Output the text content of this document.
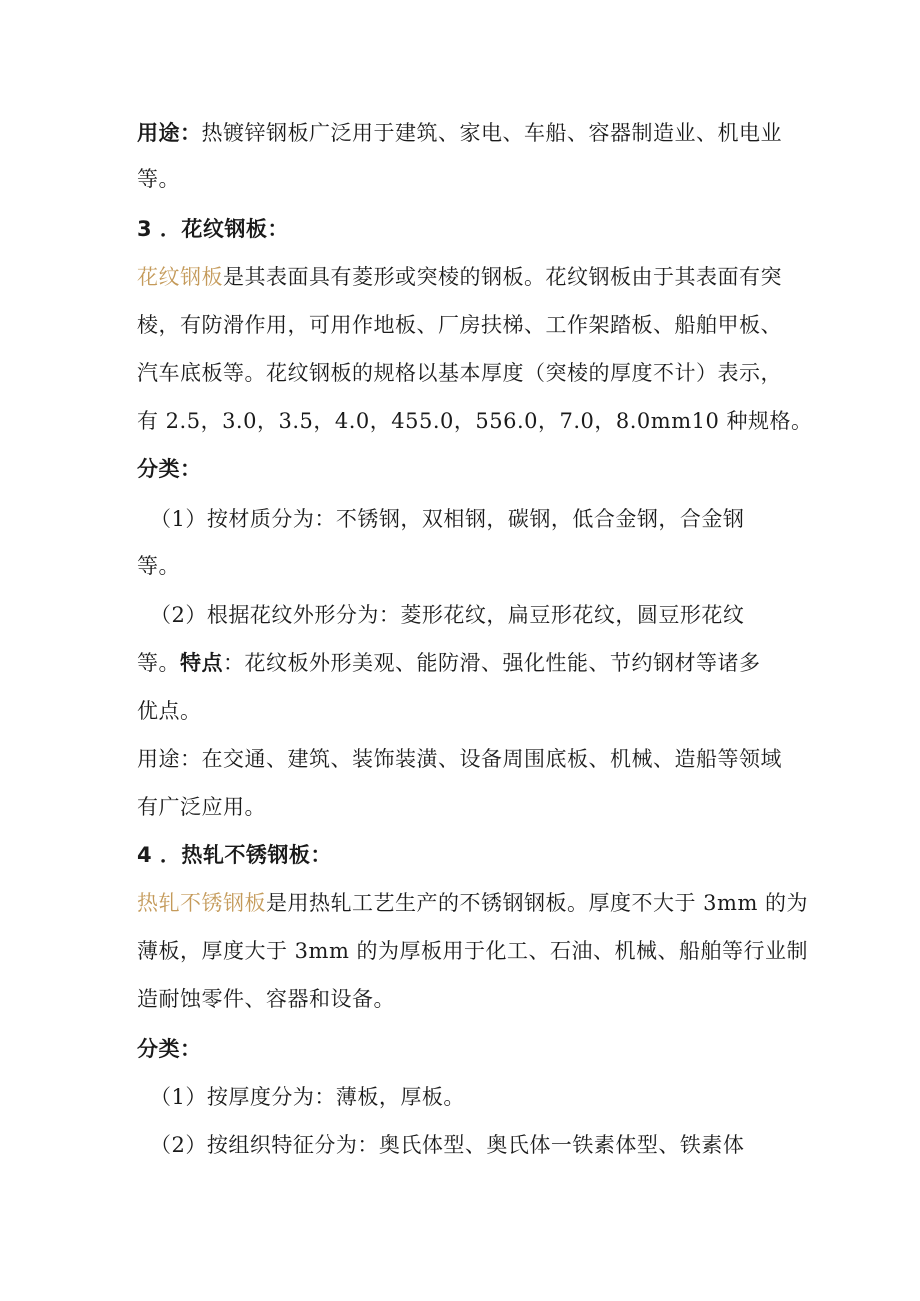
用途：热镀锌钢板广泛用于建筑、家电、车船、容器制造业、机电业
等。
3 ．花纹钢板：
花纹钢板是其表面具有菱形或突棱的钢板。花纹钢板由于其表面有突
棱，有防滑作用，可用作地板、厂房扶梯、工作架踏板、船舶甲板、
汽车底板等。花纹钢板的规格以基本厚度（突棱的厚度不计）表示，
有 2.5，3.0，3.5，4.0，455.0，556.0，7.0，8.0mm10 种规格。
分类：
（1）按材质分为：不锈钢，双相钢，碳钢，低合金钢，合金钢
等。
（2）根据花纹外形分为：菱形花纹，扁豆形花纹，圆豆形花纹
等。特点：花纹板外形美观、能防滑、强化性能、节约钢材等诸多
优点。
用途：在交通、建筑、装饰装潢、设备周围底板、机械、造船等领域
有广泛应用。
4 ．热轧不锈钢板：
热轧不锈钢板是用热轧工艺生产的不锈钢钢板。厚度不大于 3mm 的为
薄板，厚度大于 3mm 的为厚板用于化工、石油、机械、船舶等行业制
造耐蚀零件、容器和设备。
分类：
（1）按厚度分为：薄板，厚板。
（2）按组织特征分为：奥氏体型、奥氏体一铁素体型、铁素体
